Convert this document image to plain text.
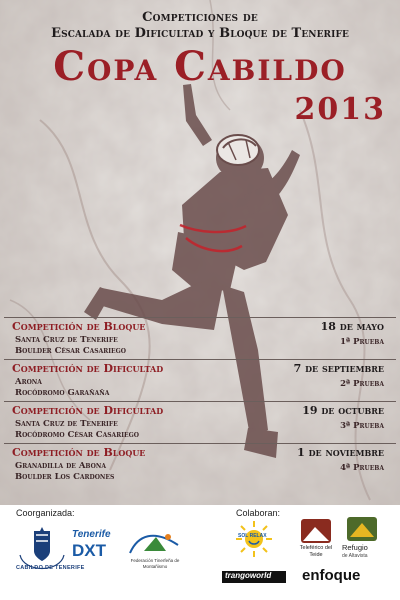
Competiciones de
Escalada de Dificultad y Bloque de Tenerife
Copa Cabildo
2013
Competición de Bloque
Santa Cruz de Tenerife
Boulder César Casariego
18 de mayo
1ª Prueba
Competición de Dificultad
Arona
Rocódromo Garañaña
7 de septiembre
2ª Prueba
Competición de Dificultad
Santa Cruz de Tenerife
Rocódromo César Casariego
19 de octubre
3ª Prueba
Competición de Bloque
Granadilla de Abona
Boulder Los Cardones
1 de noviembre
4ª Prueba
Coorganizada:	Colaboran:
CABILDO DE TENERIFE
Tenerife
DXT
Federación Tinerfeña de Montañismo
SOL RELAX
trangoworld
Teleférico del Teide
Refugio
de Altavista
enfoque
